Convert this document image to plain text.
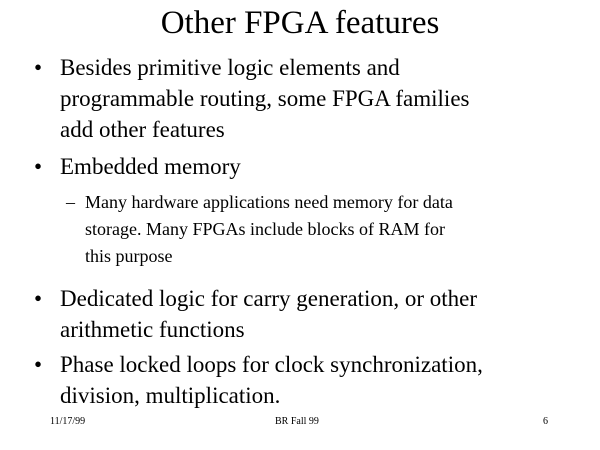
Other FPGA features
• Besides primitive logic elements and
programmable routing, some FPGA families
add other features
• Embedded memory
– Many hardware applications need memory for data
storage. Many FPGAs include blocks of RAM for
this purpose
• Dedicated logic for carry generation, or other
arithmetic functions
• Phase locked loops for clock synchronization,
division, multiplication.
11/17/99	BR Fall 99	6
